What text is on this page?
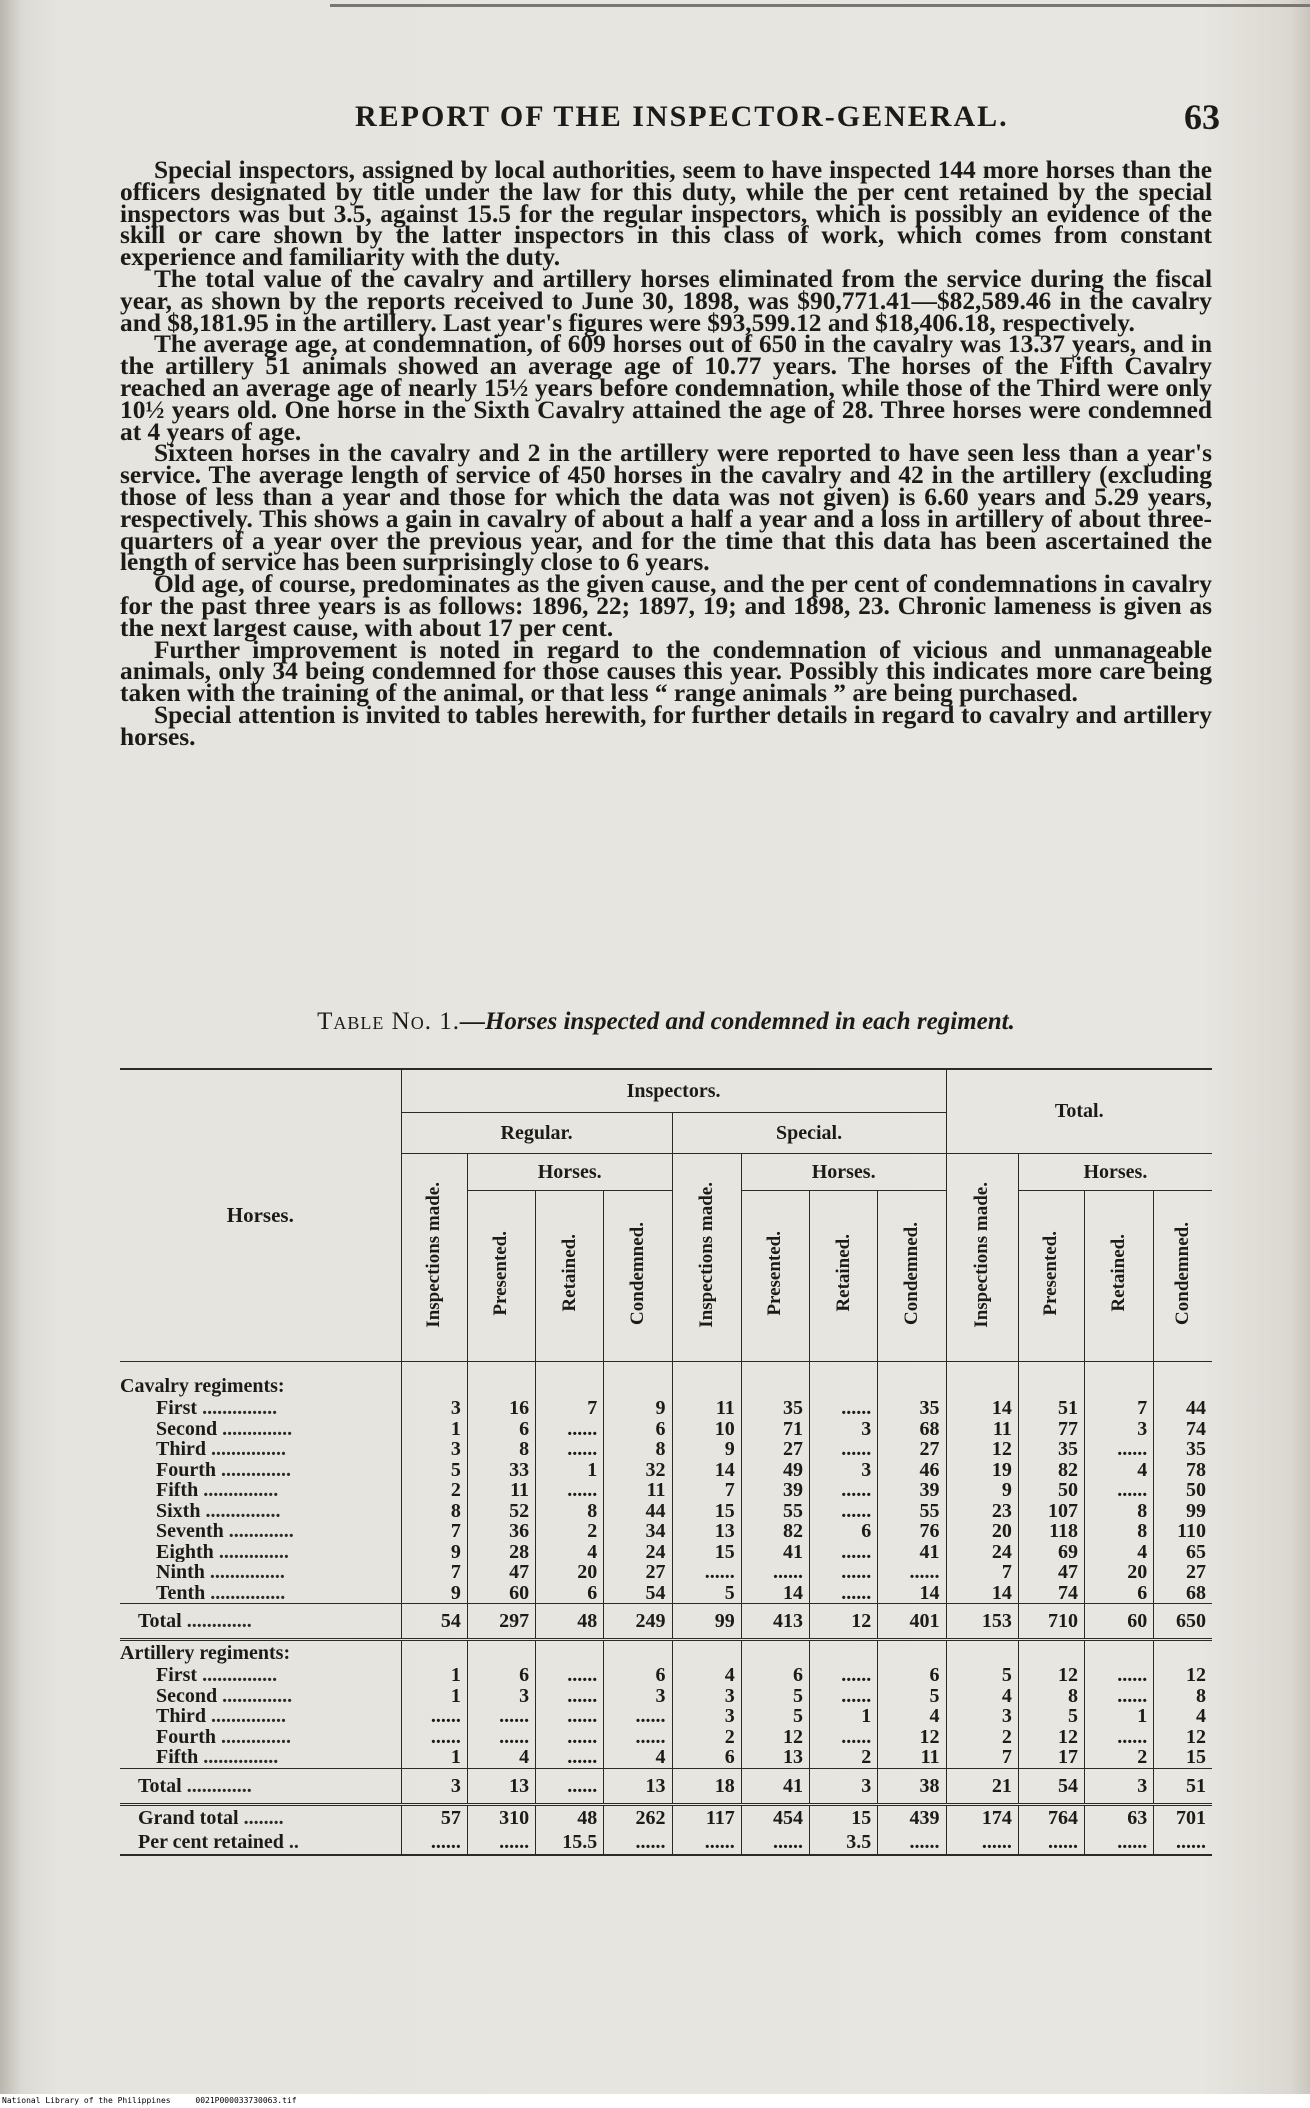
REPORT OF THE INSPECTOR-GENERAL.	63

Special inspectors, assigned by local authorities, seem to have inspected 144 more horses than the officers designated by title under the law for this duty, while the per cent retained by the special inspectors was but 3.5, against 15.5 for the regular inspectors, which is possibly an evidence of the skill or care shown by the latter inspectors in this class of work, which comes from constant experience and familiarity with the duty.

The total value of the cavalry and artillery horses eliminated from the service during the fiscal year, as shown by the reports received to June 30, 1898, was $90,771.41—$82,589.46 in the cavalry and $8,181.95 in the artillery. Last year's figures were $93,599.12 and $18,406.18, respectively.

The average age, at condemnation, of 609 horses out of 650 in the cavalry was 13.37 years, and in the artillery 51 animals showed an average age of 10.77 years. The horses of the Fifth Cavalry reached an average age of nearly 15½ years before condemnation, while those of the Third were only 10½ years old. One horse in the Sixth Cavalry attained the age of 28. Three horses were condemned at 4 years of age.

Sixteen horses in the cavalry and 2 in the artillery were reported to have seen less than a year's service. The average length of service of 450 horses in the cavalry and 42 in the artillery (excluding those of less than a year and those for which the data was not given) is 6.60 years and 5.29 years, respectively. This shows a gain in cavalry of about a half a year and a loss in artillery of about three-quarters of a year over the previous year, and for the time that this data has been ascertained the length of service has been surprisingly close to 6 years.

Old age, of course, predominates as the given cause, and the per cent of condemnations in cavalry for the past three years is as follows: 1896, 22; 1897, 19; and 1898, 23. Chronic lameness is given as the next largest cause, with about 17 per cent.

Further improvement is noted in regard to the condemnation of vicious and unmanageable animals, only 34 being condemned for those causes this year. Possibly this indicates more care being taken with the training of the animal, or that less “ range animals ” are being purchased.

Special attention is invited to tables herewith, for further details in regard to cavalry and artillery horses.

Table No. 1.—Horses inspected and condemned in each regiment.
Horses.	Inspectors.								Total.			
	Regular.				Special.							
	Inspections made.	Horses.			Inspections made.	Horses.			Inspections made.	Horses.		
		Presented.	Retained.	Condemned.		Presented.	Retained.	Condemned.		Presented.	Retained.	Condemned.

Cavalry regiments:												
First ...............	3	16	7	9	11	35	......	35	14	51	7	44
Second ..............	1	6	......	6	10	71	3	68	11	77	3	74
Third ...............	3	8	......	8	9	27	......	27	12	35	......	35
Fourth ..............	5	33	1	32	14	49	3	46	19	82	4	78
Fifth ...............	2	11	......	11	7	39	......	39	9	50	......	50
Sixth ...............	8	52	8	44	15	55	......	55	23	107	8	99
Seventh .............	7	36	2	34	13	82	6	76	20	118	8	110
Eighth ..............	9	28	4	24	15	41	......	41	24	69	4	65
Ninth ...............	7	47	20	27	......	......	......	......	7	47	20	27
Tenth ...............	9	60	6	54	5	14	......	14	14	74	6	68
Total .............	54	297	48	249	99	413	12	401	153	710	60	650
Artillery regiments:												
First ...............	1	6	......	6	4	6	......	6	5	12	......	12
Second ..............	1	3	......	3	3	5	......	5	4	8	......	8
Third ...............	......	......	......	......	3	5	1	4	3	5	1	4
Fourth ..............	......	......	......	......	2	12	......	12	2	12	......	12
Fifth ...............	1	4	......	4	6	13	2	11	7	17	2	15
Total .............	3	13	......	13	18	41	3	38	21	54	3	51
Grand total ........	57	310	48	262	117	454	15	439	174	764	63	701
Per cent retained ..	......	......	15.5	......	......	......	3.5	......	......	......	......	......
National Library of the Philippines	0021P000033730063.tif
